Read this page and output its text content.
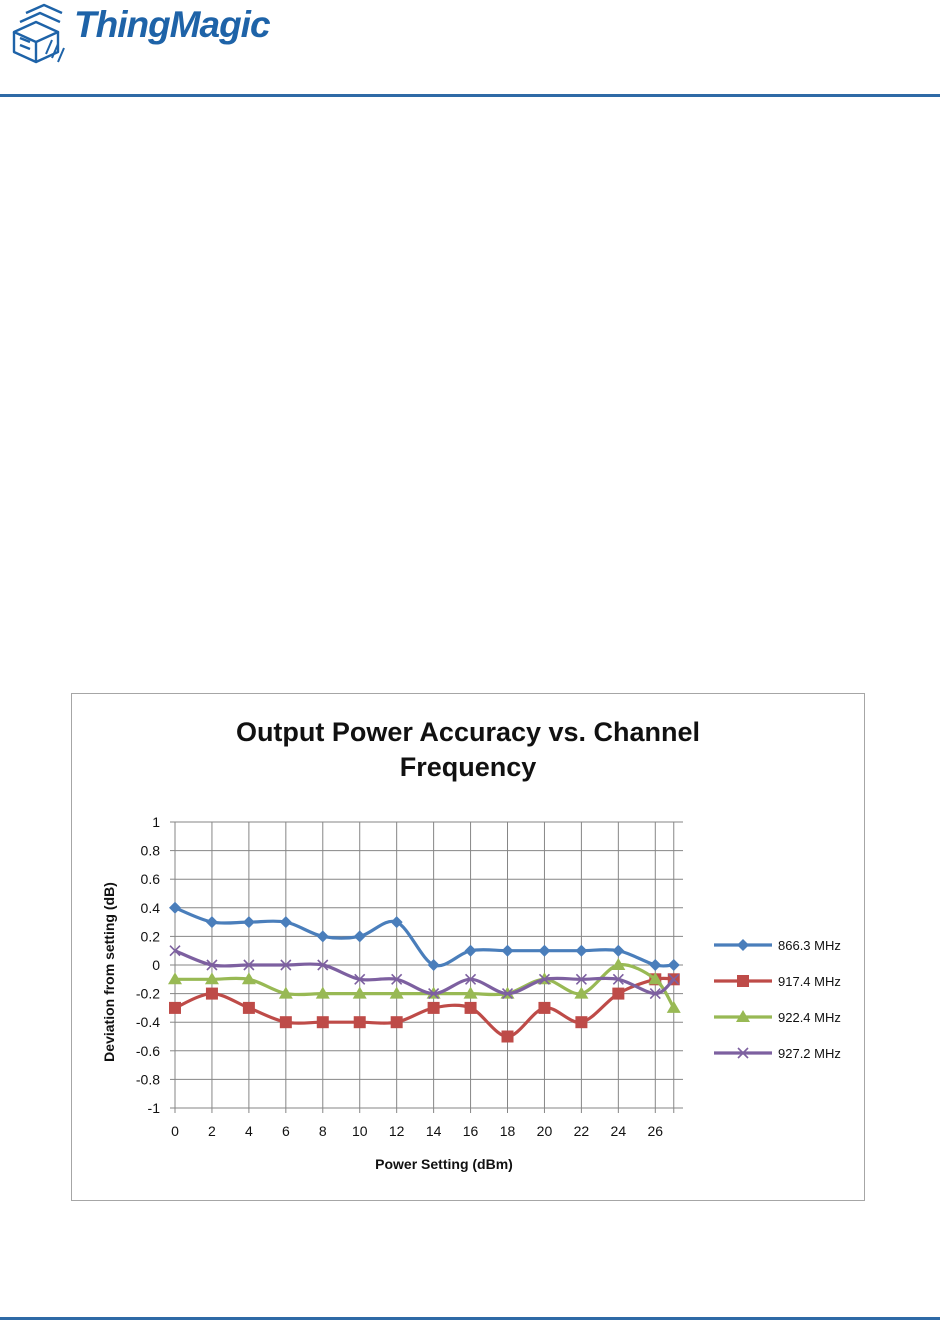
ThingMagic
Output Power Accuracy vs. Channel
Frequency
1
0.8
0.6
0.4
0.2
0
-0.2
-0.4
-0.6
-0.8
-1
0 2 4 6 8 10 12 14 16 18 20 22 24 26
Power Setting (dBm)
Deviation from setting (dB)	866.3 MHz
917.4 MHz
922.4 MHz
927.2 MHz
